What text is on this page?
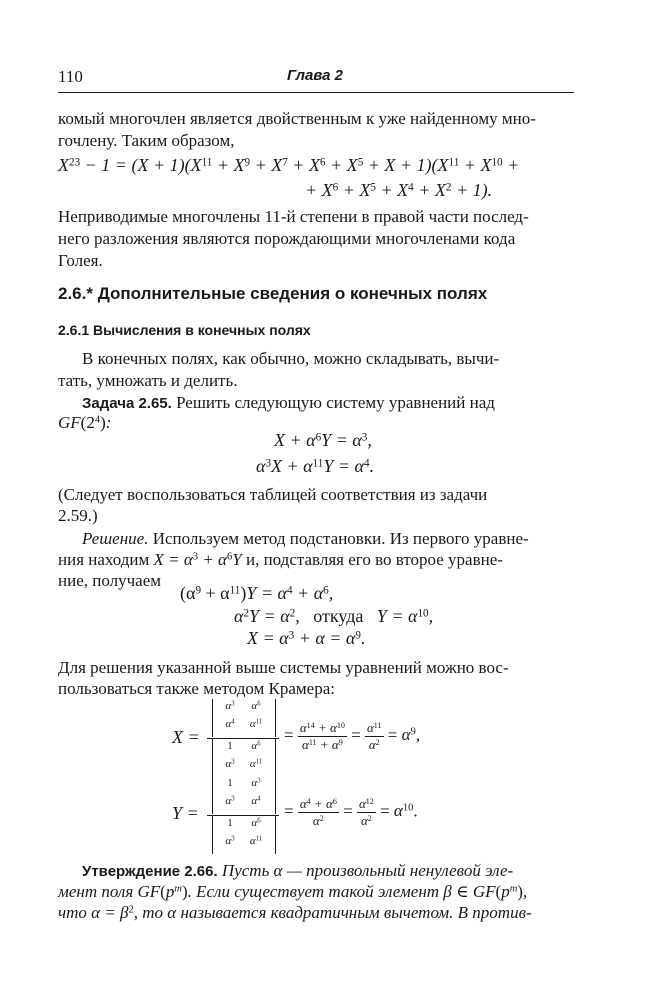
110	Глава 2
комый многочлен является двойственным к уже найденному мно-
гочлену. Таким образом,
$X^{23} - 1 = (X + 1)(X^{11} + X^9 + X^7 + X^6 + X^5 + X + 1)(X^{11} + X^{10}$ +
+ $X^6 + X^5 + X^4 + X^2 + 1$).
Неприводимые многочлены 11-й степени в правой части послед-
него разложения являются порождающими многочленами кода
Голея.
2.6.* Дополнительные сведения о конечных полях
2.6.1 Вычисления в конечных полях
В конечных полях, как обычно, можно складывать, вычи-
тать, умножать и делить.
Задача 2.65. Решить следующую систему уравнений над
$GF(2^4)$:
$X + \alpha^6Y = \alpha^3$,
$\alpha^3X + \alpha^{11}Y = \alpha^4$.
(Следует воспользоваться таблицей соответствия из задачи
2.59.)
Решение. Используем метод подстановки. Из первого уравне-
ния находим $X = \alpha^3 + \alpha^6Y$ и, подставляя его во второе уравне-
ние, получаем
$(\alpha^9 + \alpha^{11})Y = \alpha^4 + \alpha^6$,
$\alpha^2Y = \alpha^2$,   откуда   $Y = \alpha^{10}$,
$X = \alpha^3 + \alpha = \alpha^9$.
Для решения указанной выше системы уравнений можно вос-
пользоваться также методом Крамера:
X =
$\alpha^3$	$\alpha^6$
$\alpha^4$	$\alpha^{11}$
1	$\alpha^6$
$\alpha^3$	$\alpha^{11}$
= $\frac{\alpha^{14} + \alpha^{10}}{\alpha^{11} + \alpha^9} = \frac{\alpha^{11}}{\alpha^2} = \alpha^9$,
Y =
1	$\alpha^3$
$\alpha^3$	$\alpha^4$
1	$\alpha^6$
$\alpha^3$	$\alpha^{11}$
= $\frac{\alpha^4 + \alpha^6}{\alpha^2} = \frac{\alpha^{12}}{\alpha^2} = \alpha^{10}$.
Утверждение 2.66. Пусть α — произвольный ненулевой эле-
мент поля $GF(p^m)$. Если существует такой элемент β ∈ $GF(p^m)$,
что $\alpha = \beta^2$, то α называется квадратичным вычетом. В против-
